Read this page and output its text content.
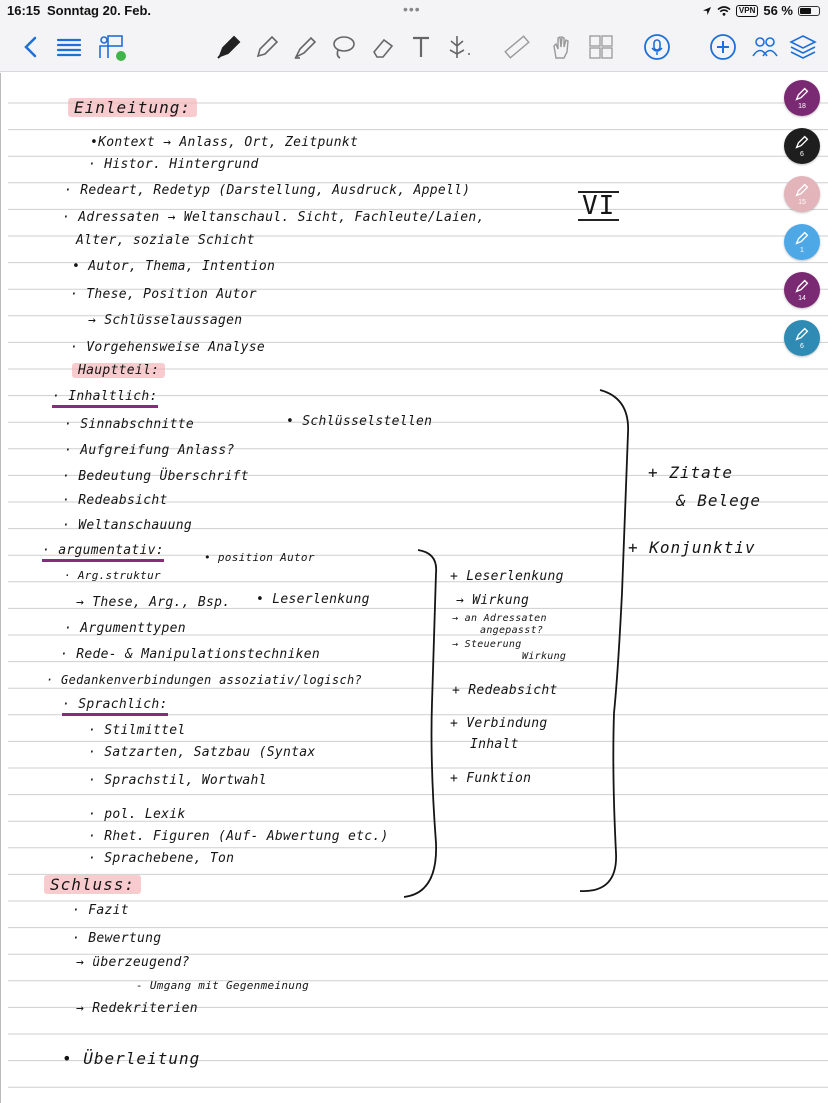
16:15 Sonntag 20. Feb.	•••	VPN 56 %
Einleitung:
•Kontext → Anlass, Ort, Zeitpunkt
· Histor. Hintergrund
· Redeart, Redetyp (Darstellung, Ausdruck, Appell)
· Adressaten → Weltanschaul. Sicht, Fachleute/Laien,
Alter, soziale Schicht
• Autor, Thema, Intention
· These, Position Autor
→ Schlüsselaussagen
· Vorgehensweise Analyse
VI
Hauptteil:
· Inhaltlich:
· Sinnabschnitte	• Schlüsselstellen
· Aufgreifung Anlass?
· Bedeutung Überschrift
· Redeabsicht
· Weltanschauung
+ Zitate
& Belege
+ Konjunktiv
· argumentativ:	• position Autor
· Arg.struktur
→ These, Arg., Bsp. • Leserlenkung
· Argumenttypen
· Rede- & Manipulationstechniken
· Gedankenverbindungen assoziativ/logisch?
+ Leserlenkung
→ Wirkung
→ an Adressaten
angepasst?
→ Steuerung
Wirkung
+ Redeabsicht
+ Verbindung
Inhalt
+ Funktion
· Sprachlich:
· Stilmittel
· Satzarten, Satzbau (Syntax
· Sprachstil, Wortwahl
· pol. Lexik
· Rhet. Figuren (Auf- Abwertung etc.)
· Sprachebene, Ton
Schluss:
· Fazit
· Bewertung
→ überzeugend?
- Umgang mit Gegenmeinung
→ Redekriterien
• Überleitung
18
6
15
1
14
6
